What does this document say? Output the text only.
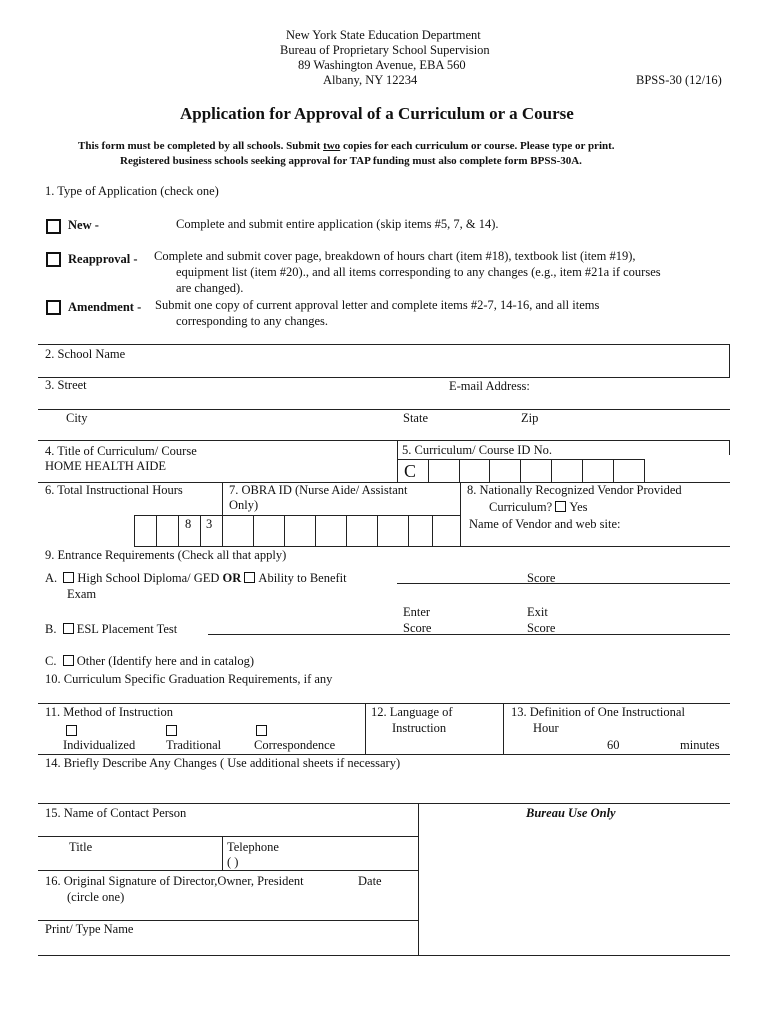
New York State Education Department
Bureau of Proprietary School Supervision
89 Washington Avenue, EBA 560
Albany, NY 12234	BPSS-30 (12/16)
Application for Approval of a Curriculum or a Course
This form must be completed by all schools. Submit two copies for each curriculum or course. Please type or print.
Registered business schools seeking approval for TAP funding must also complete form BPSS-30A.
1. Type of Application (check one)
New -	Complete and submit entire application (skip items #5, 7, & 14).
Reapproval - Complete and submit cover page, breakdown of hours chart (item #18), textbook list (item #19),
equipment list (item #20)., and all items corresponding to any changes (e.g., item #21a if courses
are changed).
Amendment - Submit one copy of current approval letter and complete items #2-7, 14-16, and all items
corresponding to any changes.
2. School Name
3. Street	E-mail Address:
City	State	Zip
4. Title of Curriculum/ Course
HOME HEALTH AIDE
5. Curriculum/ Course ID No.
C
6. Total Instructional Hours	7. OBRA ID (Nurse Aide/ Assistant
Only)
8. Nationally Recognized Vendor Provided
Curriculum? Yes
Name of Vendor and web site:
8 3
9. Entrance Requirements (Check all that apply)
A. High School Diploma/ GED OR Ability to Benefit
Exam
Score
Enter
Score
Exit
Score
B. ESL Placement Test
C. Other (Identify here and in catalog)
10. Curriculum Specific Graduation Requirements, if any
11. Method of Instruction
Individualized Traditional	Correspondence
12. Language of
Instruction
13. Definition of One Instructional
Hour
60	minutes
14. Briefly Describe Any Changes ( Use additional sheets if necessary)
15. Name of Contact Person	Bureau Use Only
Title	Telephone
( )
16. Original Signature of Director,Owner, President	Date
(circle one)
Print/ Type Name
